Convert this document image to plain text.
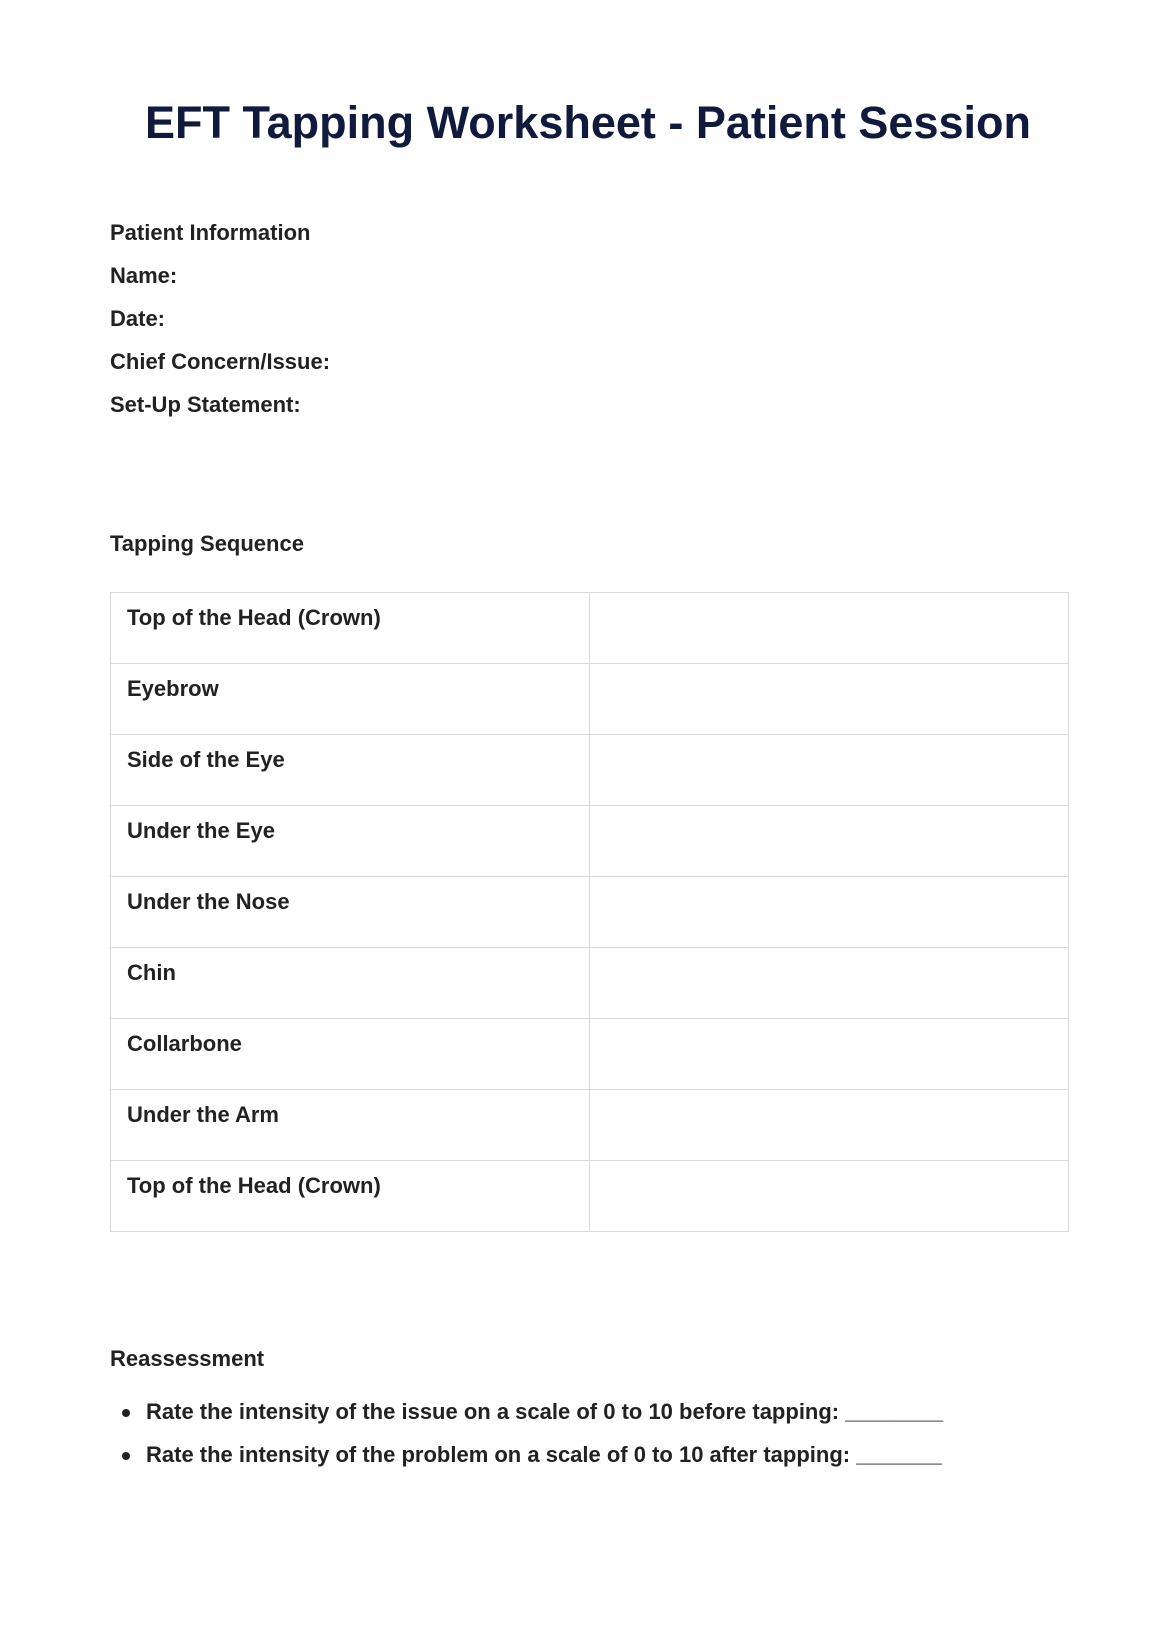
EFT Tapping Worksheet - Patient Session
Patient Information
Name:
Date:
Chief Concern/Issue:
Set-Up Statement:
Tapping Sequence
Top of the Head (Crown)	
Eyebrow	
Side of the Eye	
Under the Eye	
Under the Nose	
Chin	
Collarbone	
Under the Arm	
Top of the Head (Crown)	
Reassessment
Rate the intensity of the issue on a scale of 0 to 10 before tapping: ________
Rate the intensity of the problem on a scale of 0 to 10 after tapping: _______
